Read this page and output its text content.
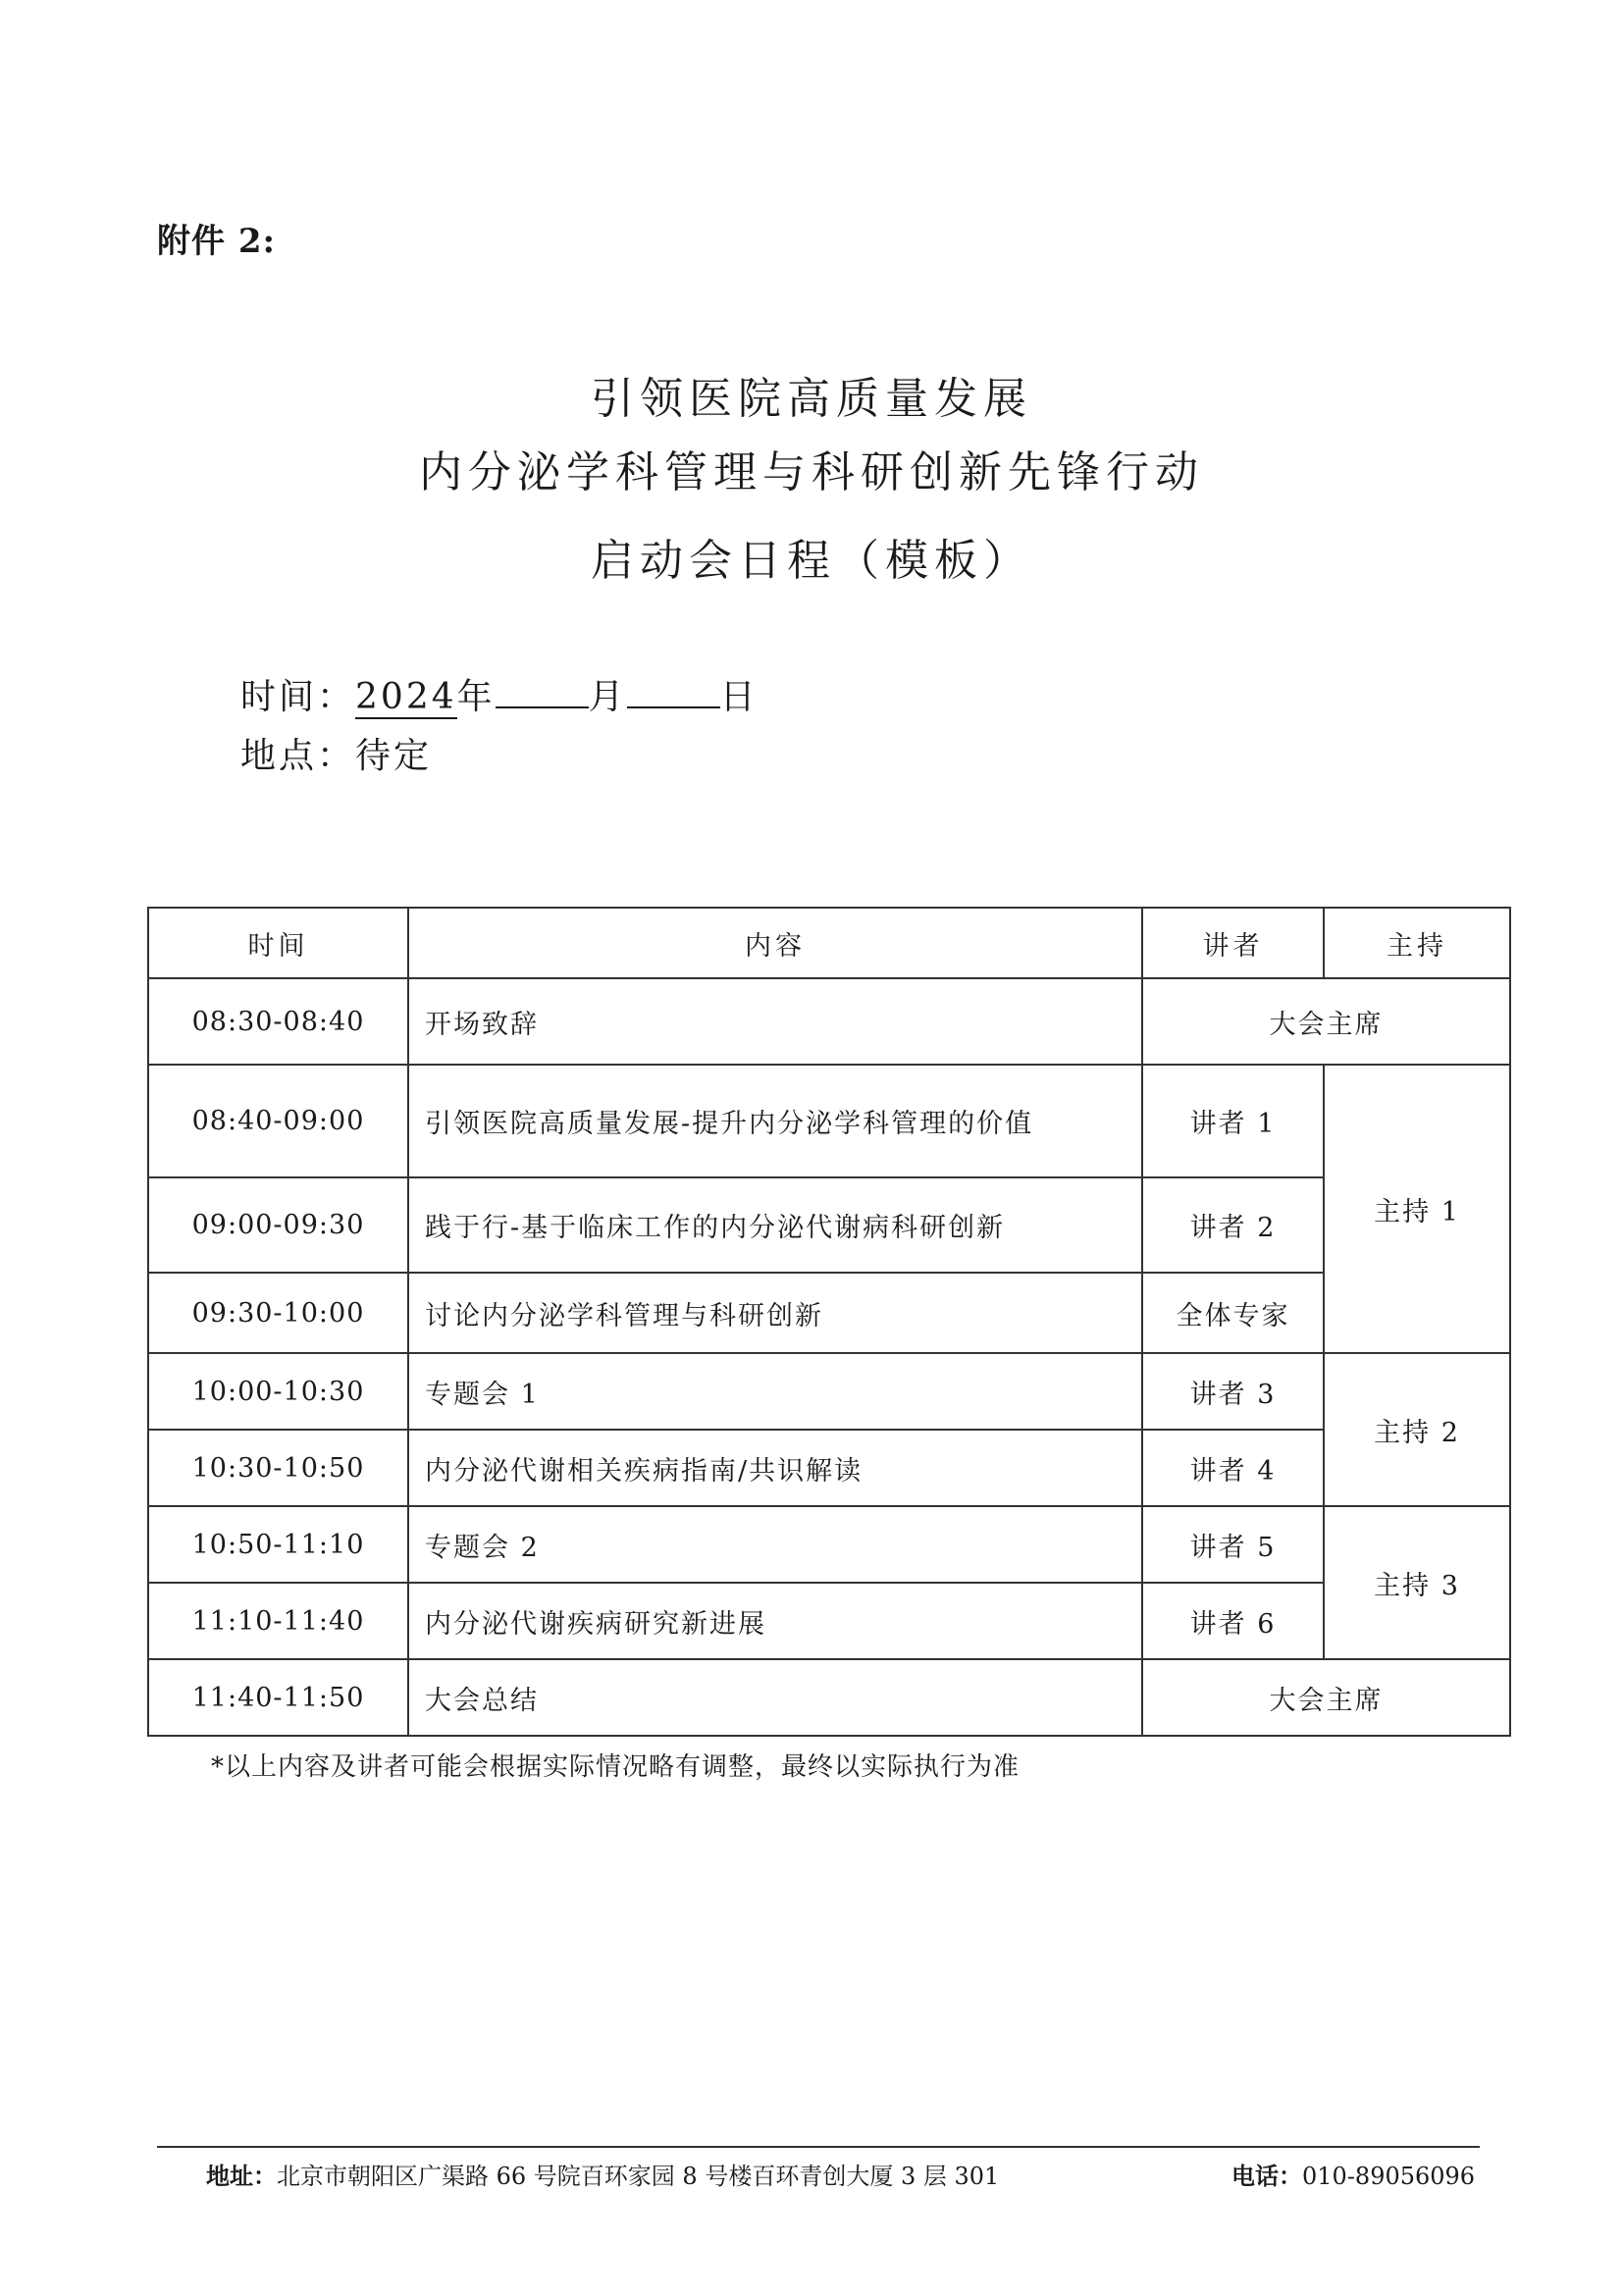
附件 2:
引领医院高质量发展
内分泌学科管理与科研创新先锋行动
启动会日程（模板）
时间：2024年	月	日
地点：待定
时间	内容	讲者	主持
08:30-08:40	开场致辞	大会主席	
08:40-09:00	引领医院高质量发展-提升内分泌学科管理的价值	讲者 1	主持 1
09:00-09:30	践于行-基于临床工作的内分泌代谢病科研创新	讲者 2	
09:30-10:00	讨论内分泌学科管理与科研创新	全体专家	
10:00-10:30	专题会 1	讲者 3	主持 2
10:30-10:50	内分泌代谢相关疾病指南/共识解读	讲者 4	
10:50-11:10	专题会 2	讲者 5	主持 3
11:10-11:40	内分泌代谢疾病研究新进展	讲者 6	
11:40-11:50	大会总结	大会主席	
*以上内容及讲者可能会根据实际情况略有调整，最终以实际执行为准
地址：北京市朝阳区广渠路 66 号院百环家园 8 号楼百环青创大厦 3 层 301	电话：010-89056096
